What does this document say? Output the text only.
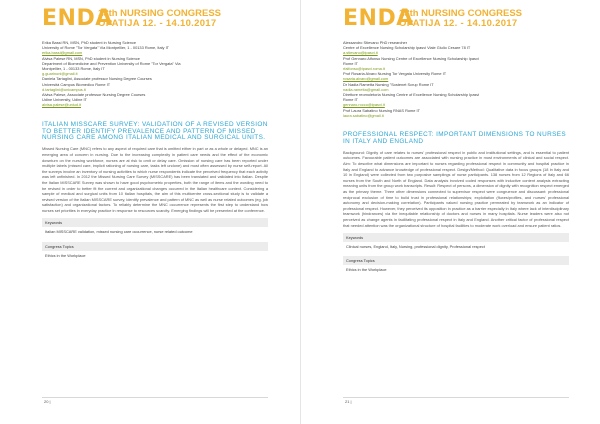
ENDA
13th NURSING CONGRESS
OPATIJA 12. - 14.10.2017
Erika Bassi RN, MSN, PhD student in Nursing Science
University of Rome "Tor Vergata" Via Montpellier, 1 - 00133 Rome, Italy IT
erika.bassi@gmail.com
Alvisa Palese RN, MSN, PhD student in Nursing Science
Department of Biomedicine and Prevention University of Rome "Tor Vergata" Via
Montpellier, 1 - 00133 Rome, Italy IT
g.guarinoni@gmail.it
Daniela Tartaglini, Associate professor Nursing Degree Courses
Università Campus Biomedico Rome IT
d.tartaglini@unicampus.it
Alvisa Palese, Associate professor Nursing Degree Courses
Udine University, Udine IT
alvisa.palese@uniud.it
ITALIAN MISSCARE SURVEY: VALIDATION OF A REVISED VERSION TO BETTER IDENTIFY PREVALENCE AND PATTERN OF MISSED NURSING CARE AMONG ITALIAN MEDICAL AND SURGICAL UNITS.
Missed Nursing Care (MNC) refers to any aspect of required care that is omitted either in part or as a whole or delayed. MNC is an emerging area of concern in nursing. Due to the increasing complexity in patient care needs and the effect of the economic downturn on the nursing workforce, nurses are at risk to omit or delay care. Omission of nursing care has been reported under multiple labels (missed care, implicit rationing of nursing care, tasks left undone) and most often assessed by nurse self-report. All the surveys involve an inventory of nursing activities to which nurse respondents indicate the perceived frequency that each activity was left unfinished. In 2012 the Missed Nursing Care Survey (MISSCARE) has been translated and validated into Italian. Despite the Italian MISSCARE Survey was shown to have good psychometric properties, both the range of items and the wording need to be revised in order to better fit the current and organizational changes occurred in the Italian healthcare context. Considering a sample of medical and surgical units from 10 Italian hospitals, the aim of this multicentre cross-sectional study is to validate a revised version of the Italian MISSCARE survey, identify prevalence and pattern of MNC as well as nurse related outcomes (eg. job satisfaction) and organizational factors. To reliably determine the MNC occurrence represents the first step to understand how nurses set priorities in everyday practice in response to resources scarcity. Emerging findings will be presented at the conference.
Keywords
Italian MISSCARE validation, missed nursing care occurrence, nurse related outcome
Congress Topics
Ethics in the Workplace
20 |
ENDA
13th NURSING CONGRESS
OPATIJA 12. - 14.10.2017
Alessandro Stievano PhD researcher
Centre of Excellence Nursing Scholarship Ipasvi Viale Giulio Cesare 78 IT
a.stievano@ipasvi.it
Prof Gennaro Alfonso Nursing Centre of Excellence Nursing Scholarship Ipasvi
Rome IT
rfalfonso@ipasvi.roma.it
Prof Rosaria Alvaro Nursing Tor Vergata University Rome IT
rosaria.alvaro@gmail.com
Dr Nadia Rametta Nursing "Sostenet Scrup Rome IT
nadia.rametta@gmail.com
Direttore reomoletoria Nursing Centre of Excellence Nursing Scholarship Ipasvi
Rome IT
gennaro.rocco@ipasvi.it
Prof Laura Sabatino Nursing RNAS Rome IT
laura.sabatino@gmail.it
PROFESSIONAL RESPECT: IMPORTANT DIMENSIONS TO NURSES IN ITALY AND ENGLAND
Background: Dignity of care relates to nurses' professional respect in public and institutional settings, and is essential to patient outcomes. Favourable patient outcomes are associated with nursing practice in most environments of clinical and social respect. Aim: To describe what dimensions are important to nurses regarding professional respect in community and hospital practice in Italy and England to advance knowledge of professional respect. Design/Method: Qualitative data in focus groups (18 in Italy and 10 in England) were collected from two purposive samplings of nurse participants. 138 nurses from 12 Regions of Italy and 66 nurses from the South and North of England. Data analysis involved coded responses with inductive content analysis extracting meaning units from the group work transcripts. Result: Respect of persons, a dimension of dignity with recognition respect emerged as the primary theme. Three other dimensions connected to supervisor respect were congruence and discussant: professional reciprocal exclusion of time to build trust in professional relationships; exploitation (fluxes/profiles, and nurses' professional autonomy and decision-making correlation). Participants valued nursing practice permeated by teamwork as an indicator of professional respect. However, they perceived its opposition in practice as a barrier especially in Italy where lack of interdisciplinary teamwork (hindrances) via the inequitable relationship of doctors and nurses in many hospitals. Nurse leaders were also not perceived as change agents in facilitating professional respect in Italy and England. Another critical factor of professional respect that needed attention was the organizational structure of hospital facilities to moderate work overload and ensure patient ratios.
Keywords
Clinical nurses, England, Italy, Nursing, professional dignity, Professional respect
Congress Topics
Ethics in the Workplace
21 |
